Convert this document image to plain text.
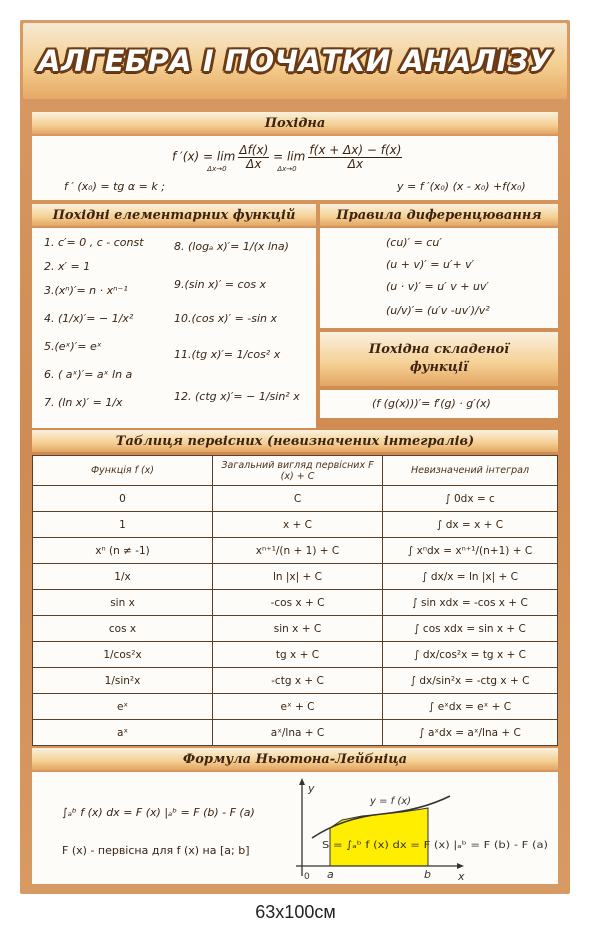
АЛГЕБРА І ПОЧАТКИ АНАЛІЗУ
Похідна
f $'(x) = \lim_{\Delta x\to 0} \frac{\Delta f(x)}{\Delta x} = \lim_{\Delta x\to 0} \frac{f(x + \Delta x) - f(x)}{\Delta x}$
f ′ (x₀) = tg α = k ;	y = f ′(x₀) (x - x₀) +f(x₀)
Похідні елементарних функцій
1. c′= 0 , c - const
2. x′ = 1
3.(xⁿ)′= n · xⁿ⁻¹
4. (1/x)′= − 1/x²
5.(eˣ)′= eˣ
6. ( aˣ)′= aˣ ln a
7. (ln x)′ = 1/x
8. (logₐ x)′= 1/(x lna)
9.(sin x)′ = cos x
10.(cos x)′ = -sin x
11.(tg x)′= 1/cos² x
12. (ctg x)′= − 1/sin² x
Правила диференцювання
(cu)′ = cu′
(u + v)′ = u′+ v′
(u · v)′ = u′ v + uv′
(u/v)′= (u′v -uv′)/v²
Похідна складеної функції
(f (g(x)))′= f′(g) · g′(x)
Таблиця первісних (невизначених інтегралів)
Функція f (x)	Загальний вигляд первісних F (x) + C	Невизначений інтеграл
0	C	∫ 0dx = c
1	x + C	∫ dx = x + C
xⁿ (n ≠ -1)	xⁿ⁺¹/(n + 1) + C	∫ xⁿdx = xⁿ⁺¹/(n+1) + C
1/x	ln |x| + C	∫ dx/x = ln |x| + C
sin x	-cos x + C	∫ sin xdx = -cos x + C
cos x	sin x + C	∫ cos xdx = sin x + C
1/cos²x	tg x + C	∫ dx/cos²x = tg x + C
1/sin²x	-ctg x + C	∫ dx/sin²x = -ctg x + C
eˣ	eˣ + C	∫ eˣdx = eˣ + C
aˣ	aˣ/lna + C	∫ aˣdx = aˣ/lna + C
Формула Ньютона-Лейбніца
∫ₐᵇ f (x) dx = F (x) |ₐᵇ = F (b) - F (a)
F (x) - первісна для f (x) на [a; b]
y
x
0 a	b
y = f (x)
S = ∫ₐᵇ f (x) dx = F (x) |ₐᵇ = F (b) - F (a)
63х100см
